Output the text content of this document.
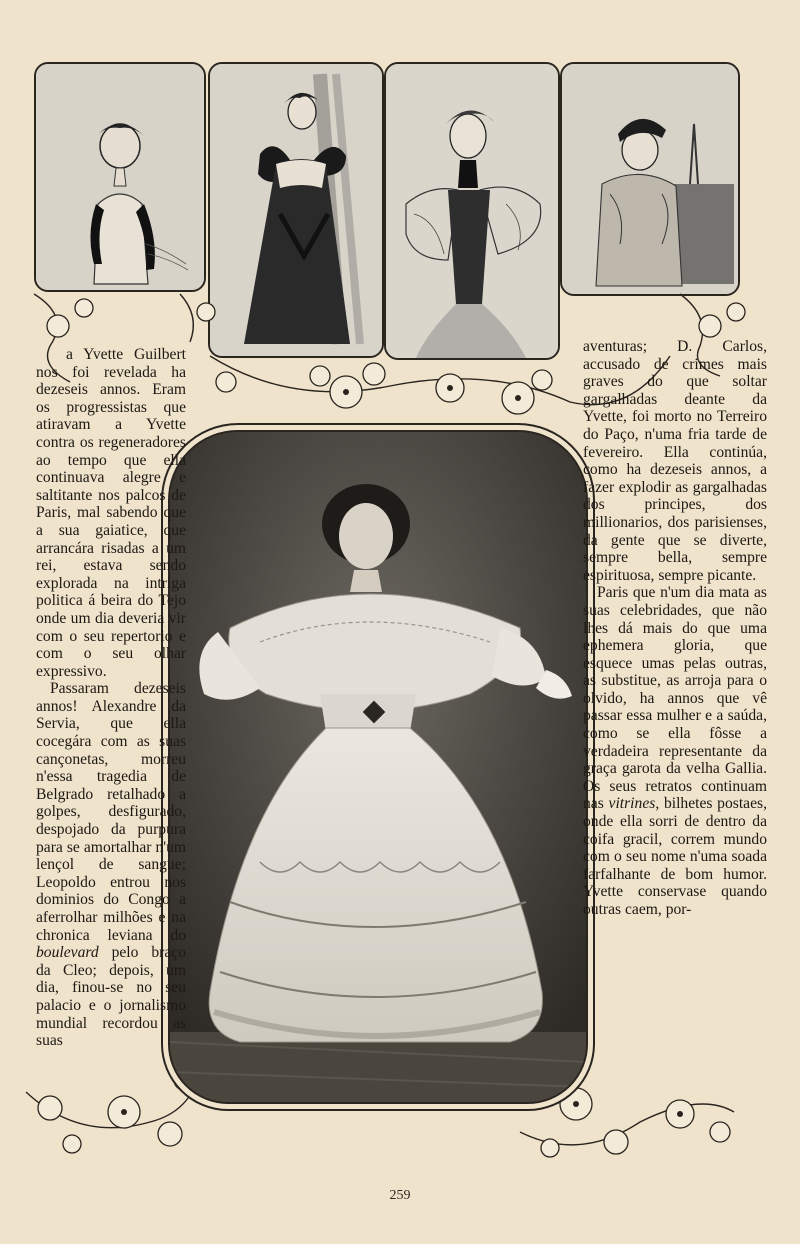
a Yvette Guilbert nos foi revelada ha dezeseis annos. Eram os progressistas que atiravam a Yvette contra os regeneradores ao tempo que ella continuava alegre e saltitante nos palcos de Paris, mal sabendo que a sua gaiatice, que arrancára risadas a um rei, estava sendo explorada na intriga politica á beira do Tejo onde um dia deveria vir com o seu repertorio e com o seu olhar expressivo.

Passaram dezeseis annos! Alexandre da Servia, que ella cocegára com as suas cançonetas, morreu n'essa tragedia de Belgrado retalhado a golpes, desfigurado, despojado da purpura para se amortalhar n'um lençol de sangue; Leopoldo entrou nos dominios do Congo a aferrolhar milhões e na chronica leviana do boulevard pelo braço da Cleo; depois, um dia, finou-se no seu palacio e o jornalismo mundial recordou as suas

aventuras; D. Carlos, accusado de crimes mais graves do que soltar gargalhadas deante da Yvette, foi morto no Terreiro do Paço, n'uma fria tarde de fevereiro. Ella continúa, como ha dezeseis annos, a fazer explodir as gargalhadas dos principes, dos millionarios, dos parisienses, da gente que se diverte, sempre bella, sempre espirituosa, sempre picante.

Paris que n'um dia mata as suas celebridades, que não lhes dá mais do que uma ephemera gloria, que esquece umas pelas outras, as substitue, as arroja para o olvido, ha annos que vê passar essa mulher e a saúda, como se ella fôsse a verdadeira representante da graça garota da velha Gallia. Os seus retratos continuam nas vitrines, bilhetes postaes, onde ella sorri de dentro da coifa gracil, correm mundo com o seu nome n'uma soada farfalhante de bom humor. Yvette conservase quando outras caem, por-

259
